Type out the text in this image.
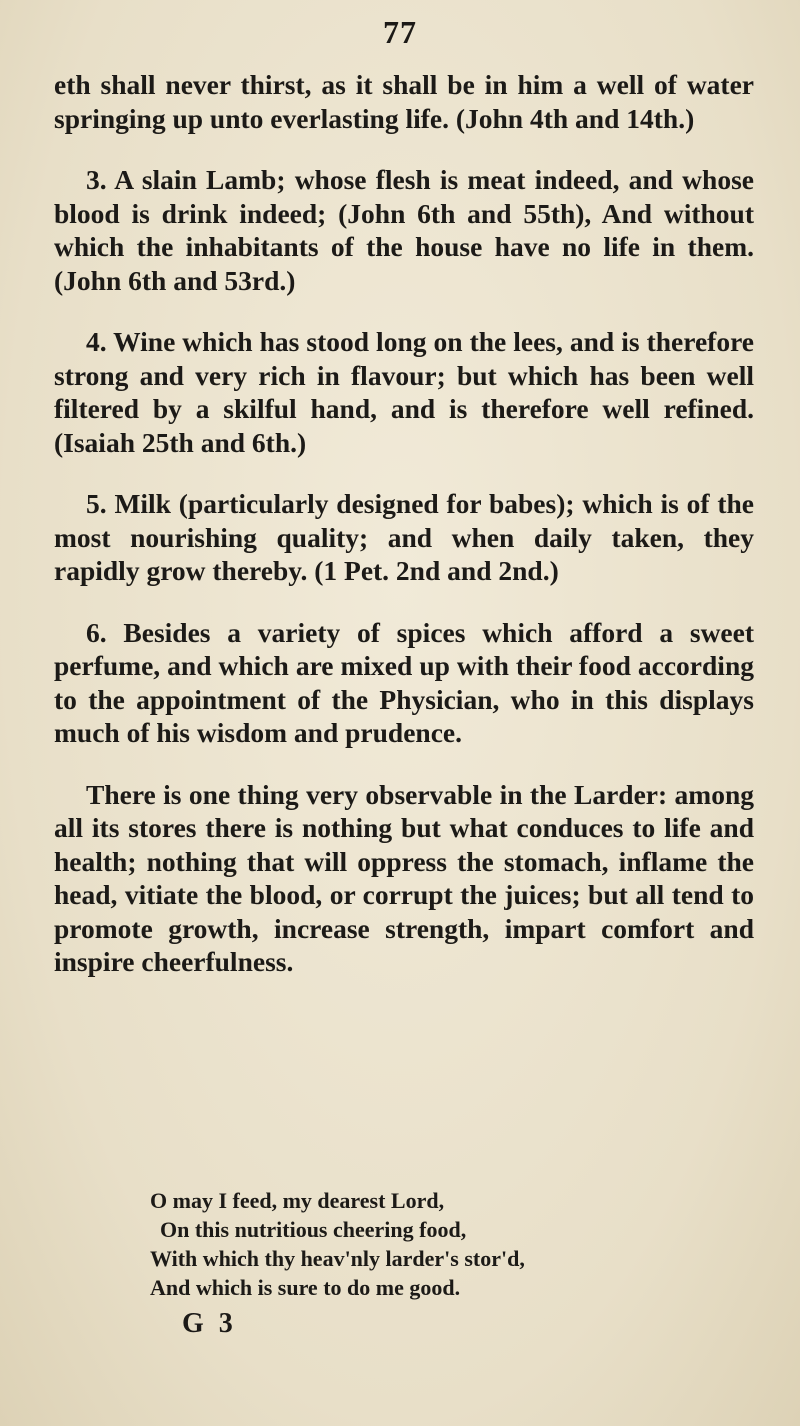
77

eth shall never thirst, as it shall be in him a well of water springing up unto everlasting life. (John 4th and 14th.)

3. A slain Lamb; whose flesh is meat indeed, and whose blood is drink indeed; (John 6th and 55th), And without which the inhabitants of the house have no life in them. (John 6th and 53rd.)

4. Wine which has stood long on the lees, and is therefore strong and very rich in flavour; but which has been well filtered by a skilful hand, and is therefore well refined. (Isaiah 25th and 6th.)

5. Milk (particularly designed for babes); which is of the most nourishing quality; and when daily taken, they rapidly grow thereby. (1 Pet. 2nd and 2nd.)

6. Besides a variety of spices which afford a sweet perfume, and which are mixed up with their food according to the appointment of the Physician, who in this displays much of his wisdom and prudence.

There is one thing very observable in the Larder: among all its stores there is nothing but what conduces to life and health; nothing that will oppress the stomach, inflame the head, vitiate the blood, or corrupt the juices; but all tend to promote growth, increase strength, impart comfort and inspire cheerfulness.

O may I feed, my dearest Lord,
On this nutritious cheering food,
With which thy heav'nly larder's stor'd,
And which is sure to do me good.
G 3
